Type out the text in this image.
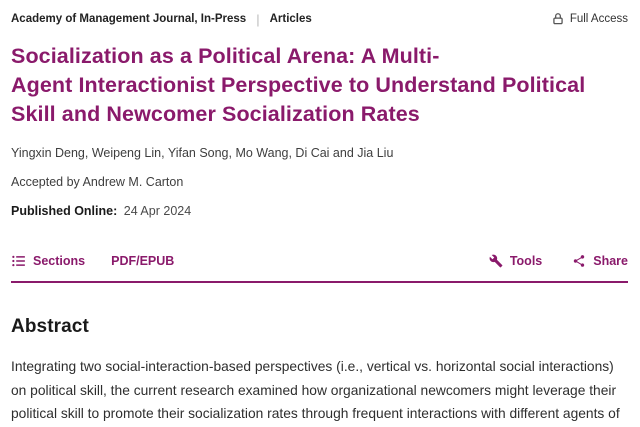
Academy of Management Journal, In-Press | Articles	Full Access
Socialization as a Political Arena: A Multi-
Agent Interactionist Perspective to Understand Political
Skill and Newcomer Socialization Rates
Yingxin Deng, Weipeng Lin, Yifan Song, Mo Wang, Di Cai and Jia Liu
Accepted by Andrew M. Carton
Published Online: 24 Apr 2024
Sections PDF/EPUB	Tools	Share
Abstract

Integrating two social-interaction-based perspectives (i.e., vertical vs. horizontal social interactions) on political skill, the current research examined how organizational newcomers might leverage their political skill to promote their socialization rates through frequent interactions with different agents of
